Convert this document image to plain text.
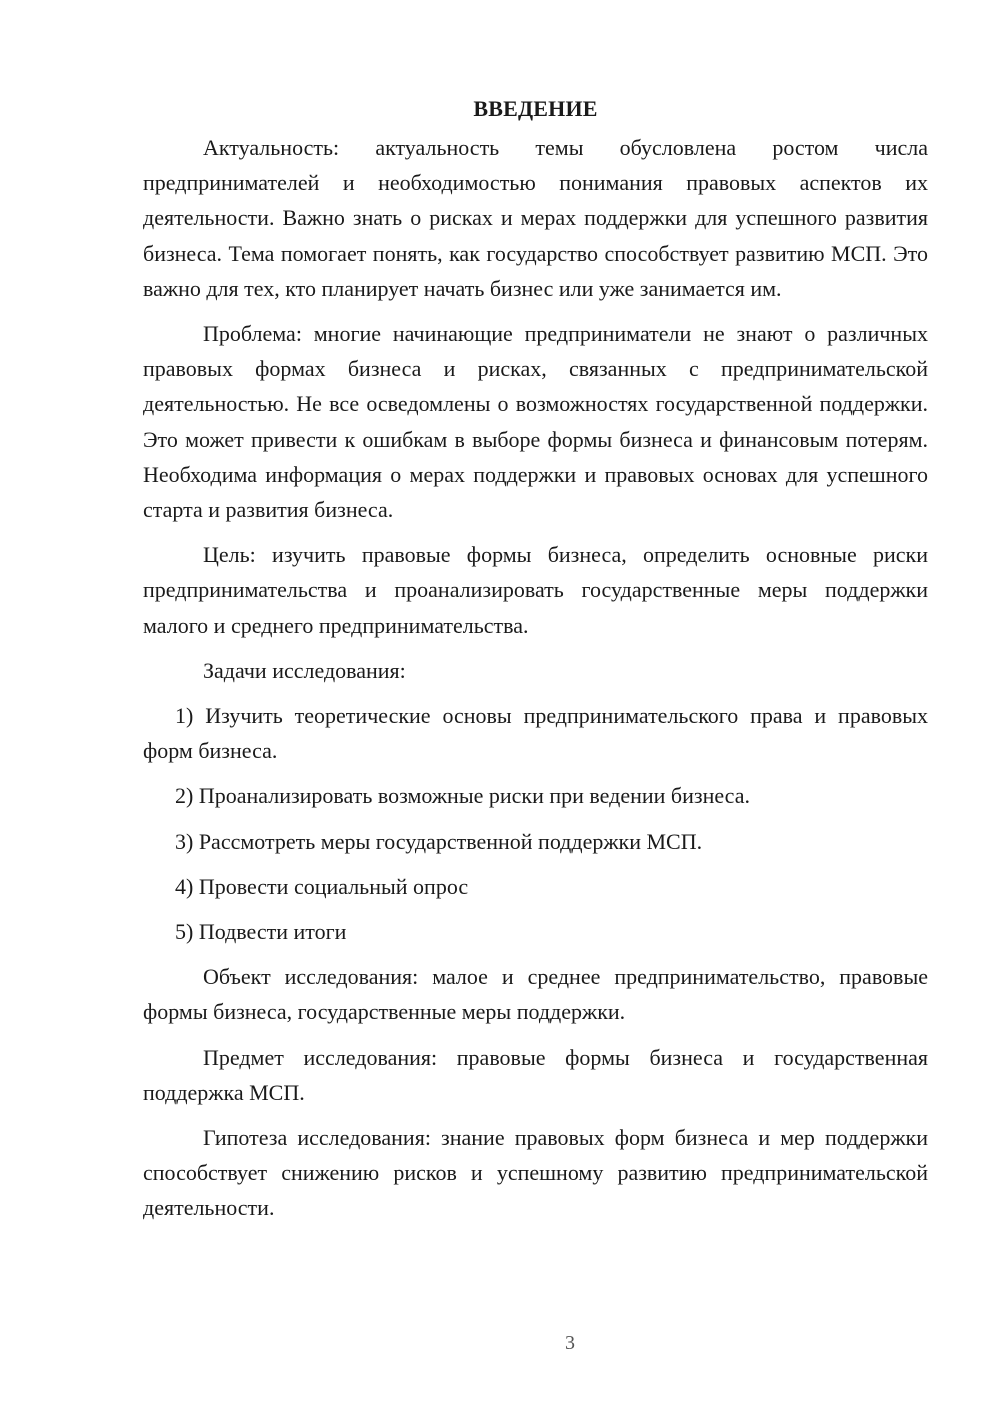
ВВЕДЕНИЕ

Актуальность: актуальность темы обусловлена ростом числа предпринимателей и необходимостью понимания правовых аспектов их деятельности. Важно знать о рисках и мерах поддержки для успешного развития бизнеса. Тема помогает понять, как государство способствует развитию МСП. Это важно для тех, кто планирует начать бизнес или уже занимается им.

Проблема: многие начинающие предприниматели не знают о различных правовых формах бизнеса и рисках, связанных с предпринимательской деятельностью. Не все осведомлены о возможностях государственной поддержки. Это может привести к ошибкам в выборе формы бизнеса и финансовым потерям. Необходима информация о мерах поддержки и правовых основах для успешного старта и развития бизнеса.

Цель: изучить правовые формы бизнеса, определить основные риски предпринимательства и проанализировать государственные меры поддержки малого и среднего предпринимательства.

Задачи исследования:

1) Изучить теоретические основы предпринимательского права и правовых форм бизнеса.

2) Проанализировать возможные риски при ведении бизнеса.

3) Рассмотреть меры государственной поддержки МСП.

4) Провести социальный опрос

5) Подвести итоги

Объект исследования: малое и среднее предпринимательство, правовые формы бизнеса, государственные меры поддержки.

Предмет исследования: правовые формы бизнеса и государственная поддержка МСП.

Гипотеза исследования: знание правовых форм бизнеса и мер поддержки способствует снижению рисков и успешному развитию предпринимательской деятельности.

3
